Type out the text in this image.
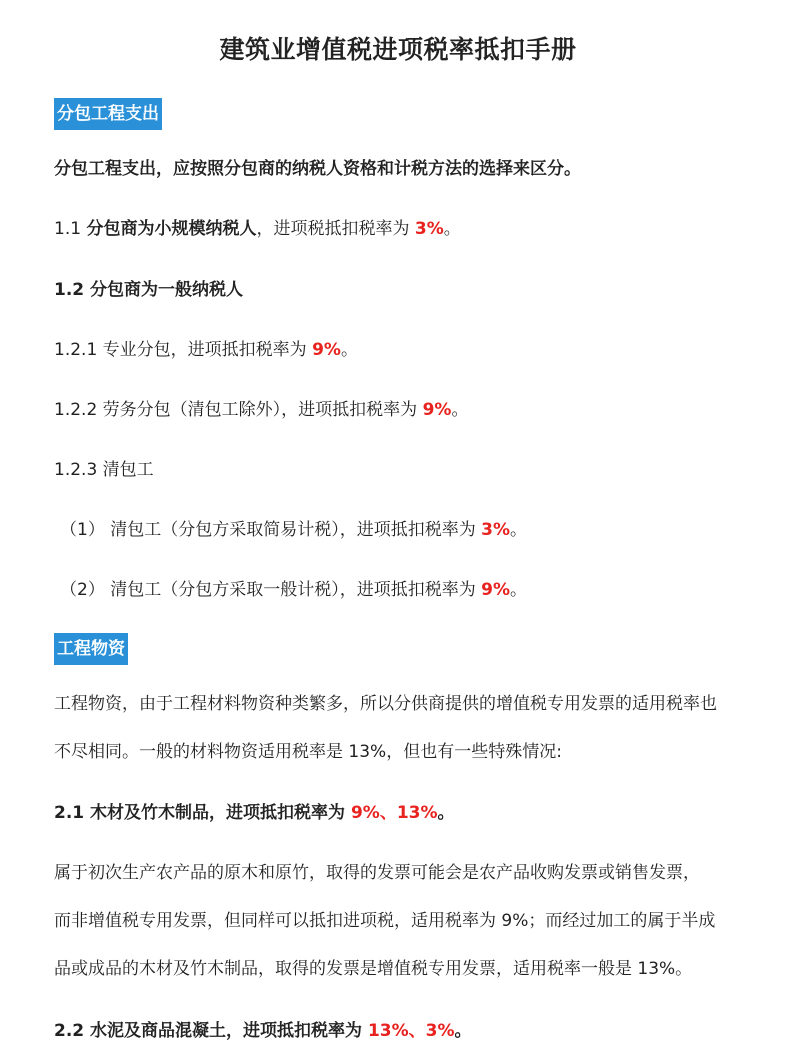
建筑业增值税进项税率抵扣手册
分包工程支出
分包工程支出，应按照分包商的纳税人资格和计税方法的选择来区分。
1.1 分包商为小规模纳税人，进项税抵扣税率为 3%。
1.2 分包商为一般纳税人
1.2.1 专业分包，进项抵扣税率为 9%。
1.2.2 劳务分包（清包工除外），进项抵扣税率为 9%。
1.2.3 清包工
（1） 清包工（分包方采取简易计税），进项抵扣税率为 3%。
（2） 清包工（分包方采取一般计税），进项抵扣税率为 9%。
工程物资
工程物资，由于工程材料物资种类繁多，所以分供商提供的增值税专用发票的适用税率也
不尽相同。一般的材料物资适用税率是 13%，但也有一些特殊情况:
2.1 木材及竹木制品，进项抵扣税率为 9%、13%。
属于初次生产农产品的原木和原竹，取得的发票可能会是农产品收购发票或销售发票，
而非增值税专用发票，但同样可以抵扣进项税，适用税率为 9%；而经过加工的属于半成
品或成品的木材及竹木制品，取得的发票是增值税专用发票，适用税率一般是 13%。
2.2 水泥及商品混凝土，进项抵扣税率为 13%、3%。
